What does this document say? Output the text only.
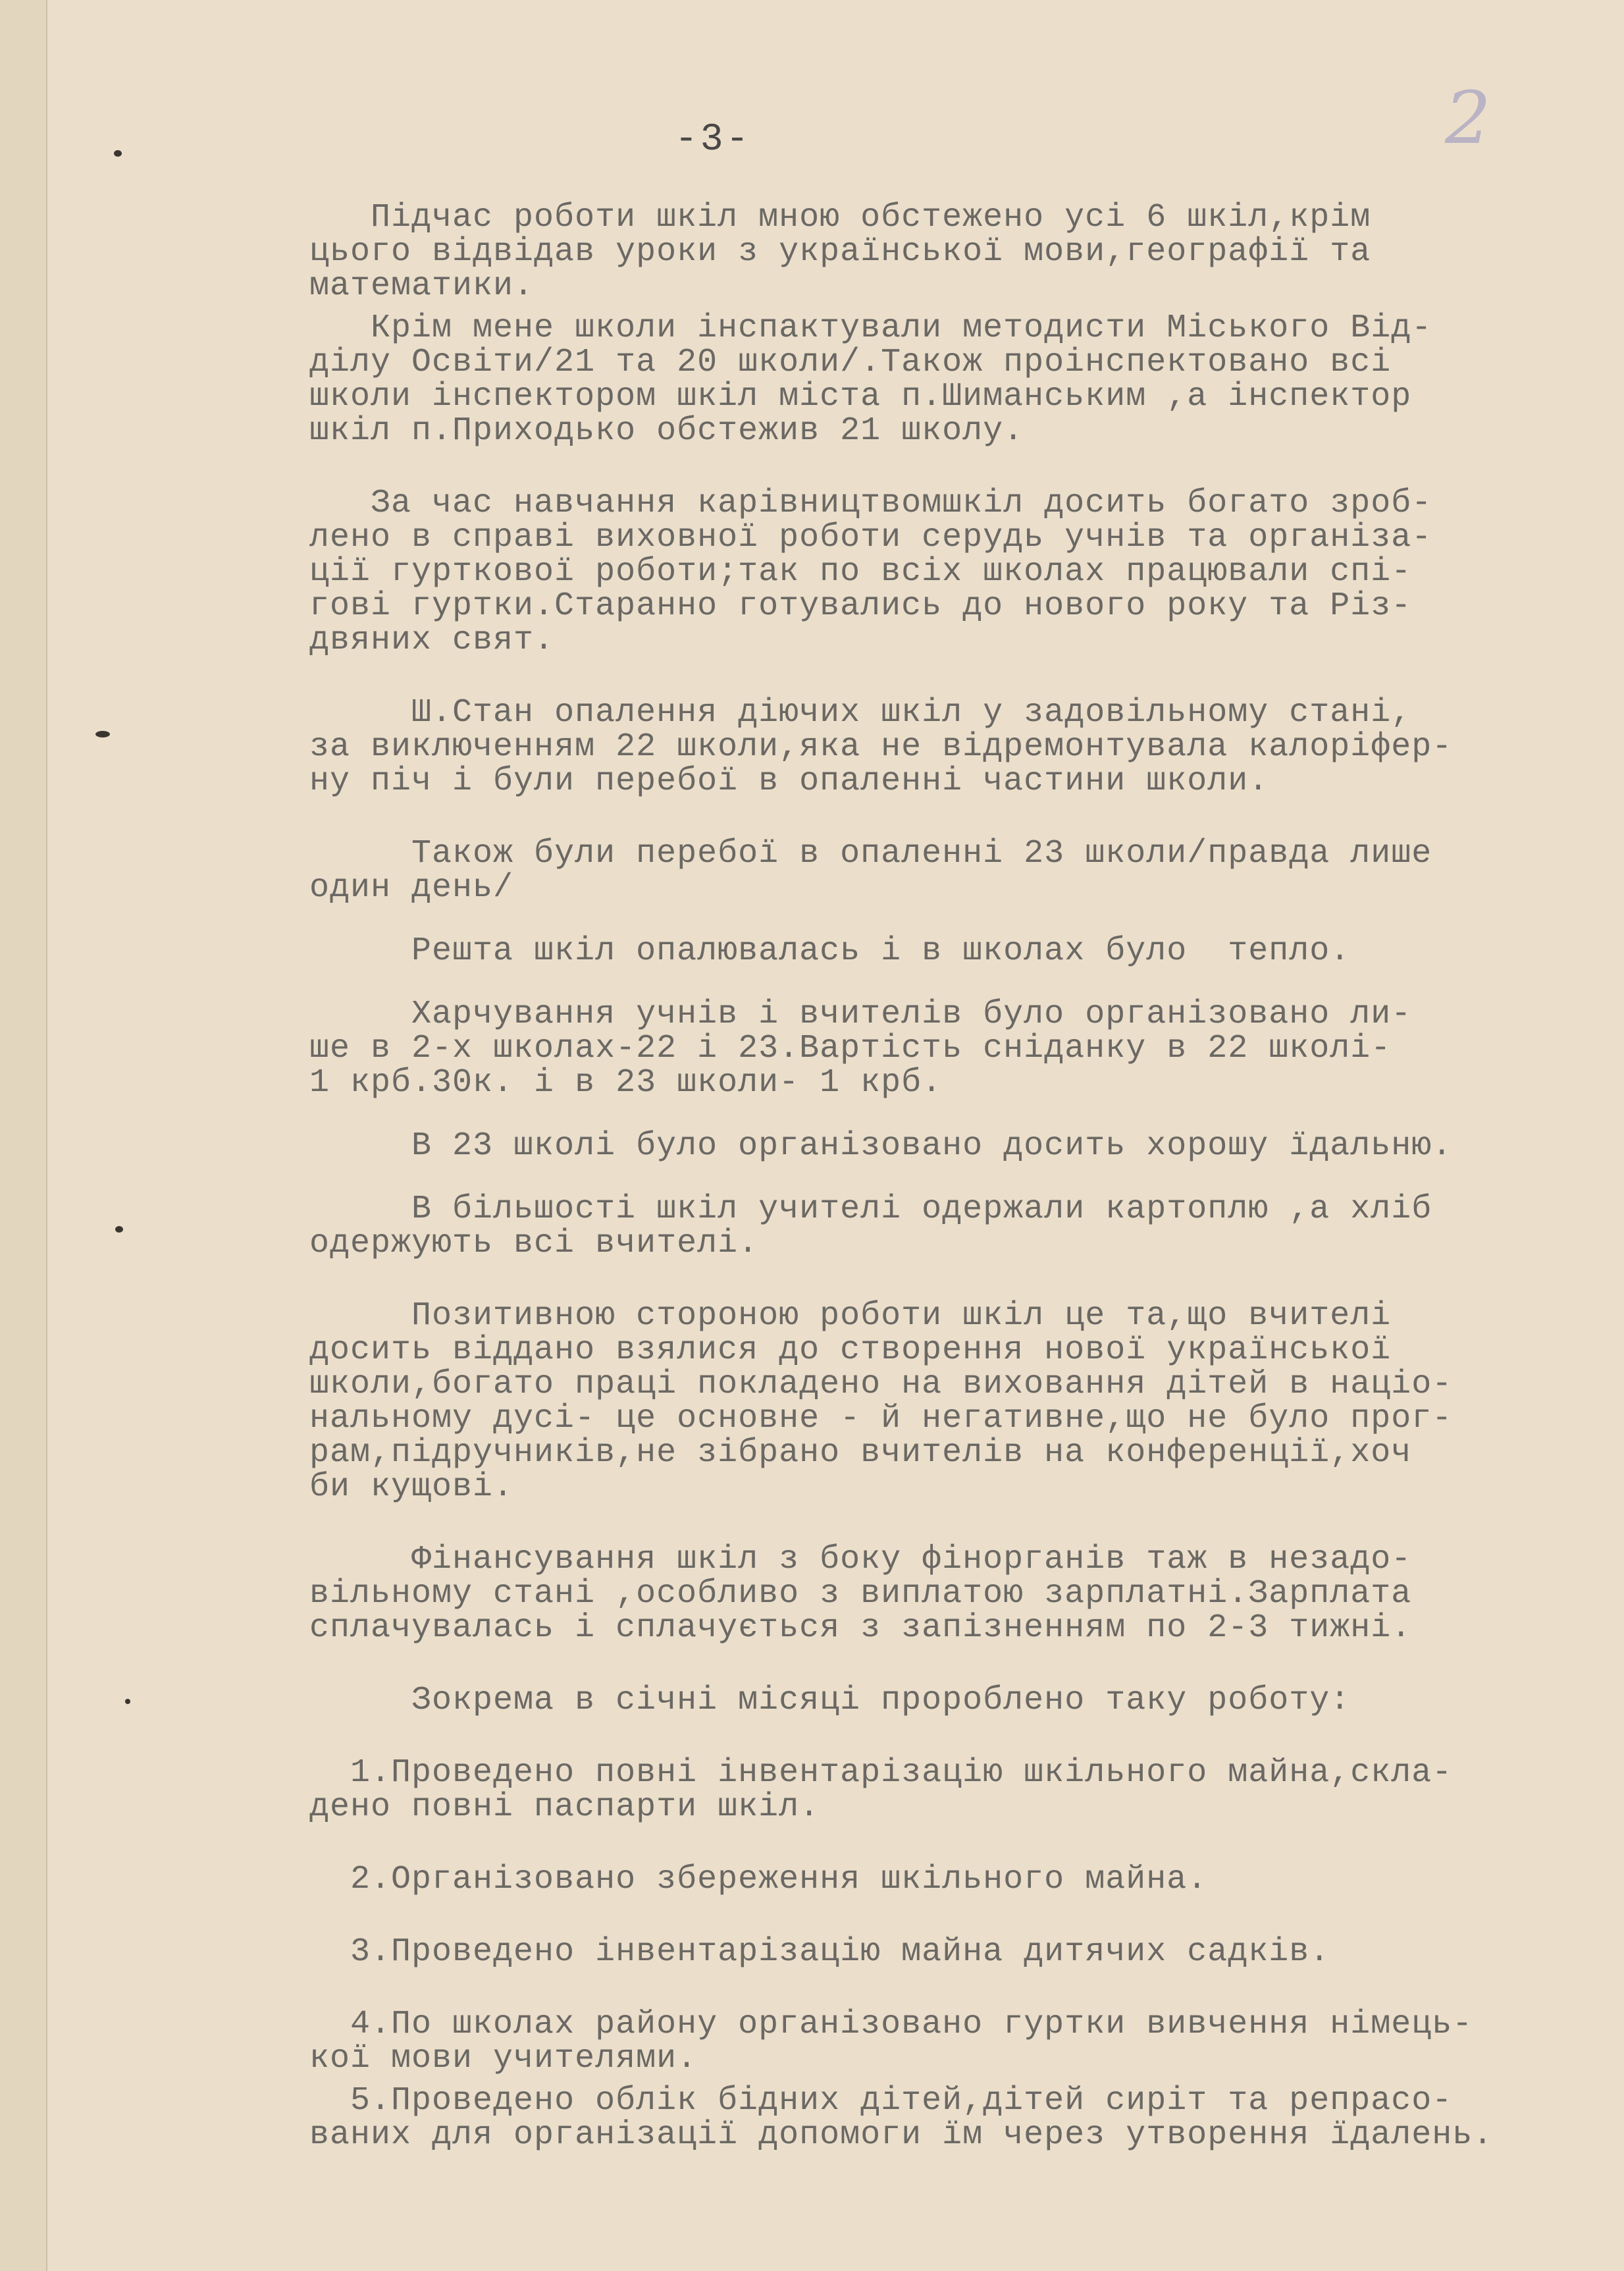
2
-3-

Підчас роботи шкіл мною обстежено усі 6 шкіл,крім
цього відвідав уроки з української мови,географії та
математики.

Крім мене школи інспактували методисти Міського Від-
ділу Освіти/21 та 20 школи/.Також проінспектовано всі
школи інспектором шкіл міста п.Шиманським ,а інспектор
шкіл п.Приходько обстежив 21 школу.

За час навчання карівництвомшкіл досить богато зроб-
лено в справі виховної роботи серудь учнів та організа-
ції гурткової роботи;так по всіх школах працювали спі-
гові гуртки.Старанно готувались до нового року та Різ-
двяних свят.

Ш.Стан опалення діючих шкіл у задовільному стані,
за виключенням 22 школи,яка не відремонтувала калоріфер-
ну піч і були перебої в опаленні частини школи.

Також були перебої в опаленні 23 школи/правда лише
один день/

Решта шкіл опалювалась і в школах було  тепло.

Харчування учнів і вчителів було організовано ли-
ше в 2-х школах-22 і 23.Вартість сніданку в 22 школі-
1 крб.30к. і в 23 школи- 1 крб.

В 23 школі було організовано досить хорошу їдальню.

В більшості шкіл учителі одержали картоплю ,а хліб
одержують всі вчителі.

Позитивною стороною роботи шкіл це та,що вчителі
досить віддано взялися до створення нової української
школи,богато праці покладено на виховання дітей в націо-
нальному дусі- це основне - й негативне,що не було прог-
рам,підручників,не зібрано вчителів на конференції,хоч
би кущові.

Фінансування шкіл з боку фінорганів таж в незадо-
вільному стані ,особливо з виплатою зарплатні.Зарплата
сплачувалась і сплачується з запізненням по 2-3 тижні.

Зокрема в січні місяці пророблено таку роботу:

1.Проведено повні інвентарізацію шкільного майна,скла-
дено повні паспарти шкіл.

2.Організовано збереження шкільного майна.

3.Проведено інвентарізацію майна дитячих садків.

4.По школах району організовано гуртки вивчення німець-
кої мови учителями.

5.Проведено облік бідних дітей,дітей сиріт та репрасо-
ваних для організації допомоги їм через утворення їдалень.
